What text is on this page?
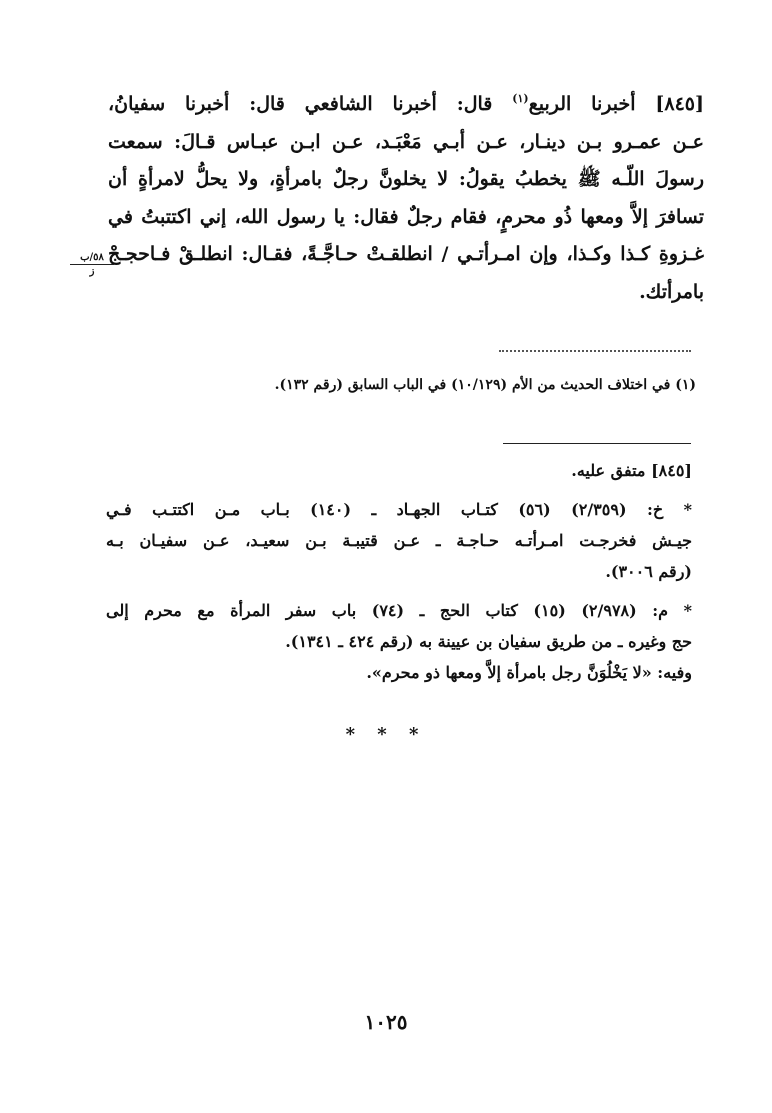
[٨٤٥] أخبرنا الربيع$^{(١)}$ قال: أخبرنا الشافعي قال: أخبرنا سفيانُ،
عـن عمـرو بـن دينـار، عـن أبـي مَعْبَـد، عـن ابـن عبـاس قـالَ: سمعت
رسولَ اللّـه ﷺ يخطبُ يقولُ: لا يخلونَّ رجلٌ بامرأةٍ، ولا يحلُّ لامرأةٍ أن
تسافرَ إلاَّ ومعها ذُو محرمٍ، فقام رجلٌ فقال: يا رسول الله، إني اكتتبتُ في
غـزوةِ كـذا وكـذا، وإن امـرأتـي / انطلقـتْ حـاجَّـةً، فقـال: انطلـقْ فـاحجـجْ
بامرأتك.
٥٨/ب
ز
(١) في اختلاف الحديث من الأم (١٠/١٢٩) في الباب السابق (رقم ١٣٢).
[٨٤٥] متفق عليه.
* خ: (٢/٣٥٩) (٥٦) كتـاب الجهـاد ـ (١٤٠) بـاب مـن اكتتـب فـي
جيـش فخرجـت امـرأتـه حـاجـة ـ عـن قتيبـة بـن سعيـد، عـن سفيـان بـه
(رقم ٣٠٠٦).
* م: (٢/٩٧٨) (١٥) كتاب الحج ـ (٧٤) باب سفر المرأة مع محرم إلى
حج وغيره ـ من طريق سفيان بن عيينة به (رقم ٤٢٤ ـ ١٣٤١).
وفيه: «لا يَخْلُوَنَّ رجل بامرأة إلاَّ ومعها ذو محرم».
* * *
١٠٢٥
